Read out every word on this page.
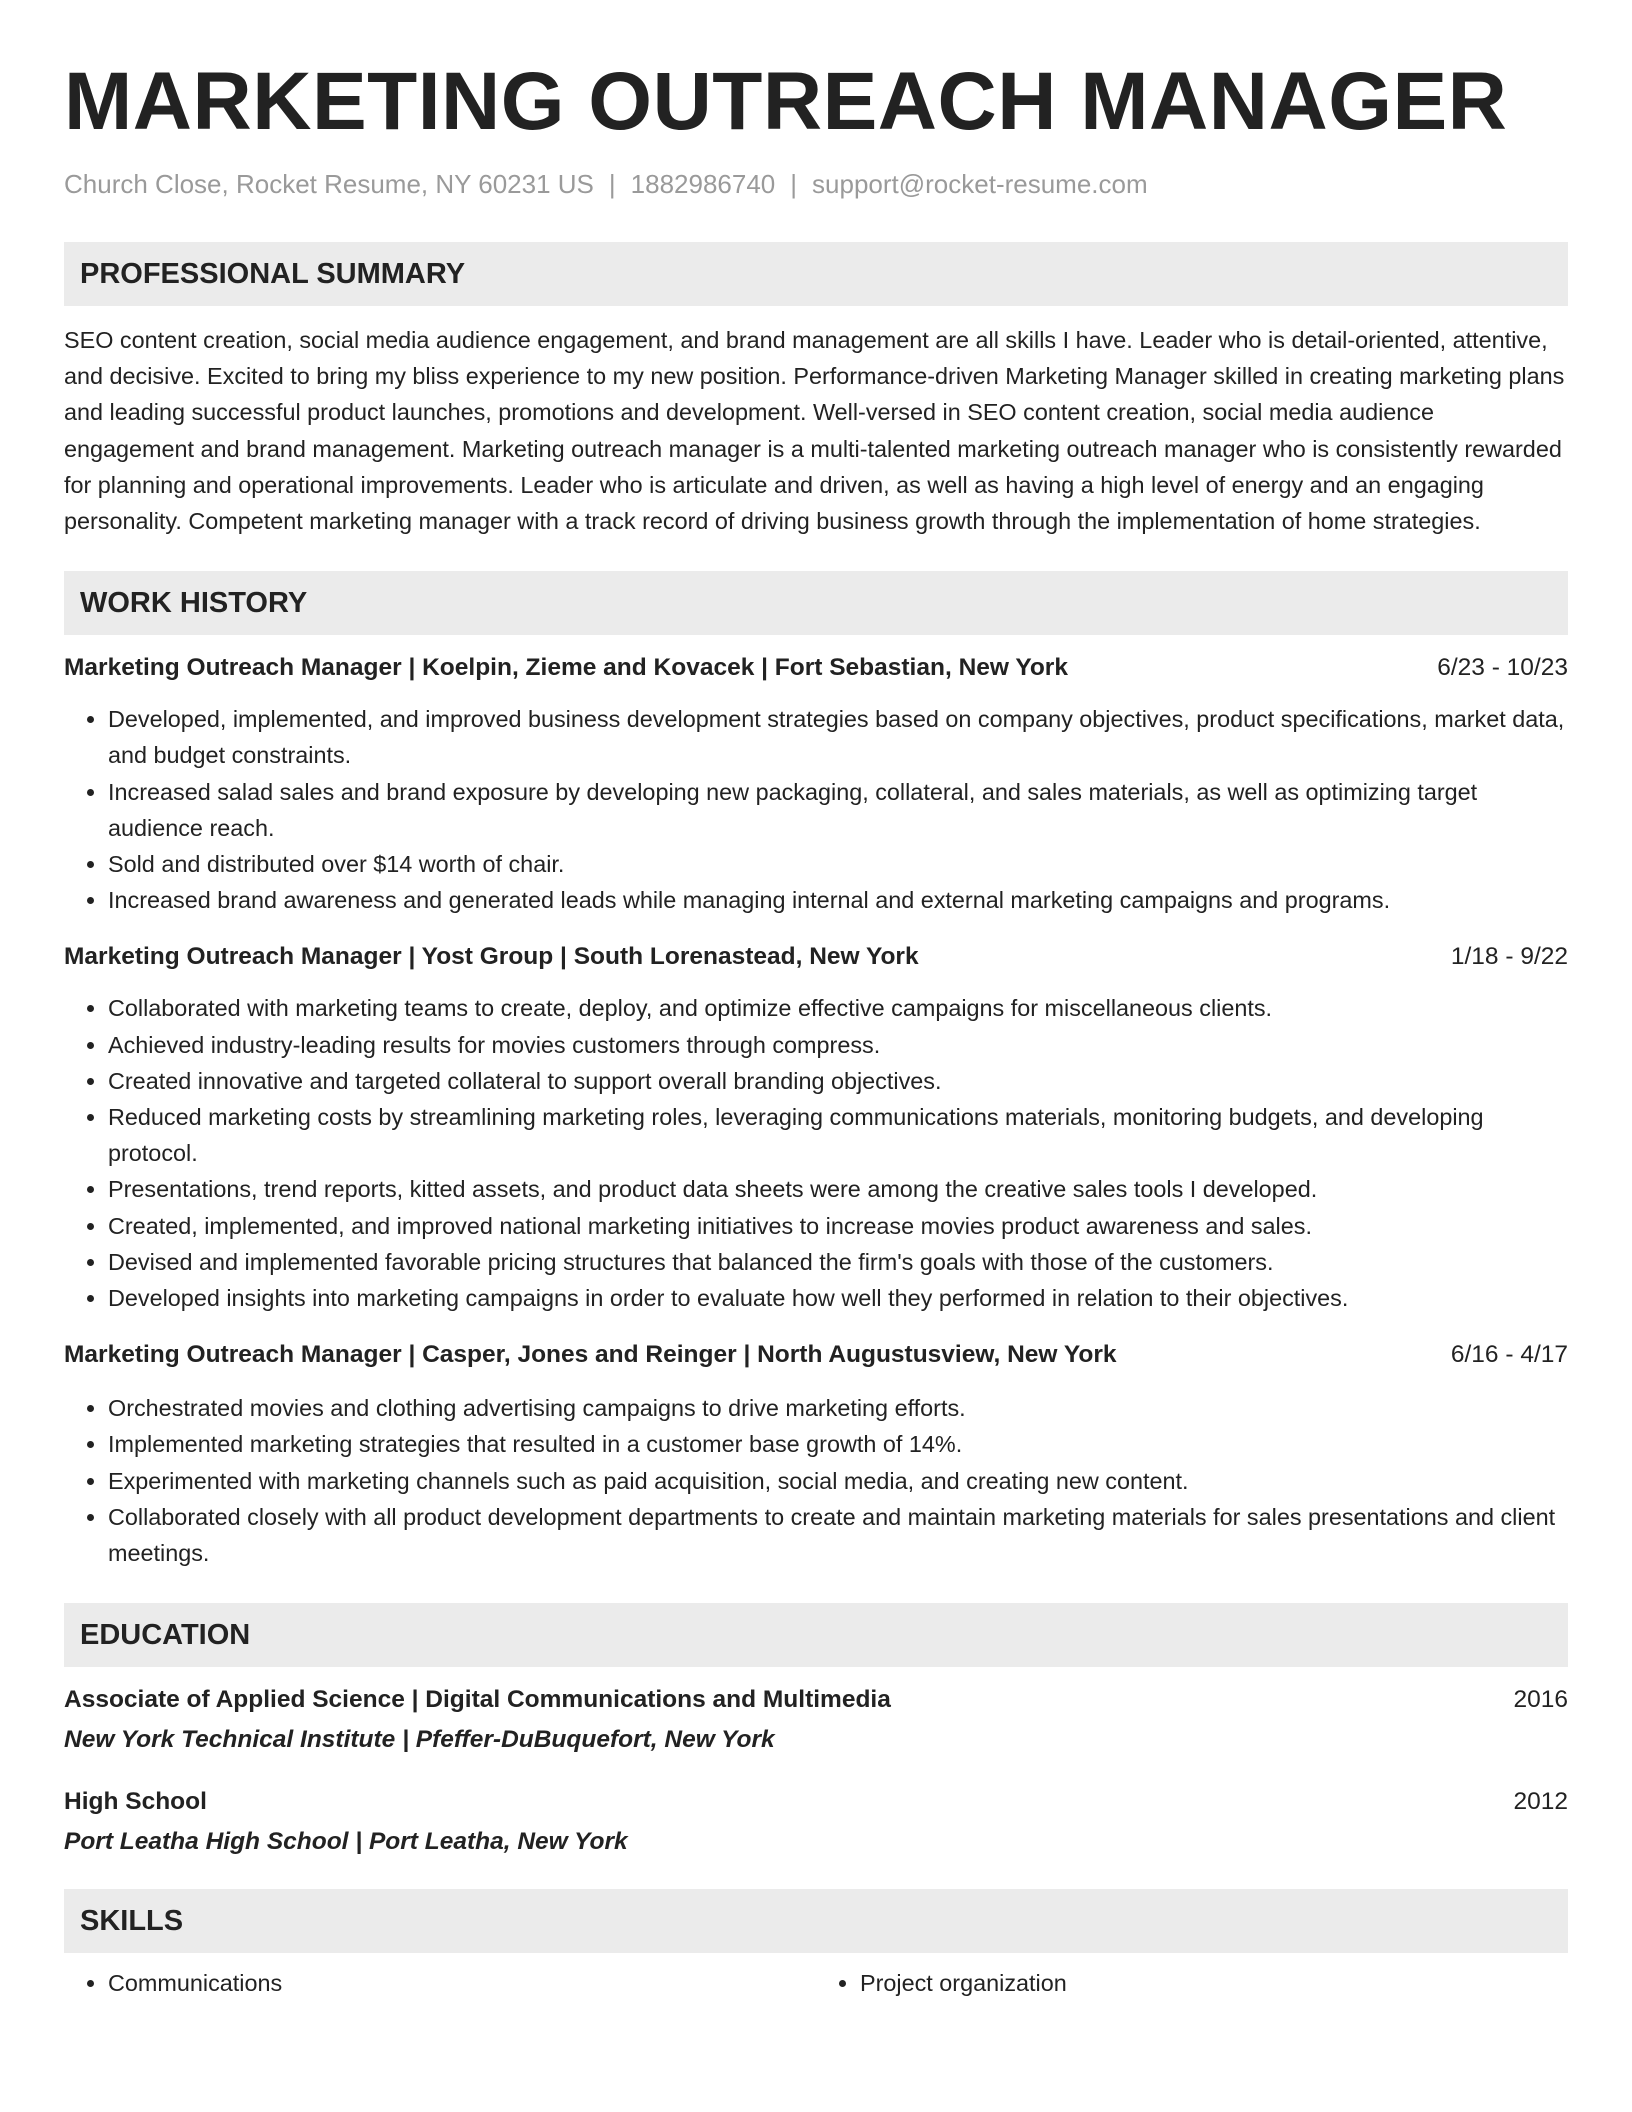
MARKETING OUTREACH MANAGER
Church Close, Rocket Resume, NY 60231 US | 1882986740 | support@rocket-resume.com
PROFESSIONAL SUMMARY

SEO content creation, social media audience engagement, and brand management are all skills I have. Leader who is detail-oriented, attentive, and decisive. Excited to bring my bliss experience to my new position. Performance-driven Marketing Manager skilled in creating marketing plans and leading successful product launches, promotions and development. Well-versed in SEO content creation, social media audience engagement and brand management. Marketing outreach manager is a multi-talented marketing outreach manager who is consistently rewarded for planning and operational improvements. Leader who is articulate and driven, as well as having a high level of energy and an engaging personality. Competent marketing manager with a track record of driving business growth through the implementation of home strategies.

WORK HISTORY
Marketing Outreach Manager | Koelpin, Zieme and Kovacek | Fort Sebastian, New York	6/23 - 10/23
• Developed, implemented, and improved business development strategies based on company objectives, product specifications, market data, and budget constraints.
• Increased salad sales and brand exposure by developing new packaging, collateral, and sales materials, as well as optimizing target audience reach.
• Sold and distributed over $14 worth of chair.
• Increased brand awareness and generated leads while managing internal and external marketing campaigns and programs.
Marketing Outreach Manager | Yost Group | South Lorenastead, New York	1/18 - 9/22
• Collaborated with marketing teams to create, deploy, and optimize effective campaigns for miscellaneous clients.
• Achieved industry-leading results for movies customers through compress.
• Created innovative and targeted collateral to support overall branding objectives.
• Reduced marketing costs by streamlining marketing roles, leveraging communications materials, monitoring budgets, and developing protocol.
• Presentations, trend reports, kitted assets, and product data sheets were among the creative sales tools I developed.
• Created, implemented, and improved national marketing initiatives to increase movies product awareness and sales.
• Devised and implemented favorable pricing structures that balanced the firm's goals with those of the customers.
• Developed insights into marketing campaigns in order to evaluate how well they performed in relation to their objectives.
Marketing Outreach Manager | Casper, Jones and Reinger | North Augustusview, New York	6/16 - 4/17
• Orchestrated movies and clothing advertising campaigns to drive marketing efforts.
• Implemented marketing strategies that resulted in a customer base growth of 14%.
• Experimented with marketing channels such as paid acquisition, social media, and creating new content.
• Collaborated closely with all product development departments to create and maintain marketing materials for sales presentations and client meetings.
EDUCATION
Associate of Applied Science | Digital Communications and Multimedia	2016
New York Technical Institute | Pfeffer-DuBuquefort, New York
High School	2012
Port Leatha High School | Port Leatha, New York
SKILLS
• Communications
•	Project organization
